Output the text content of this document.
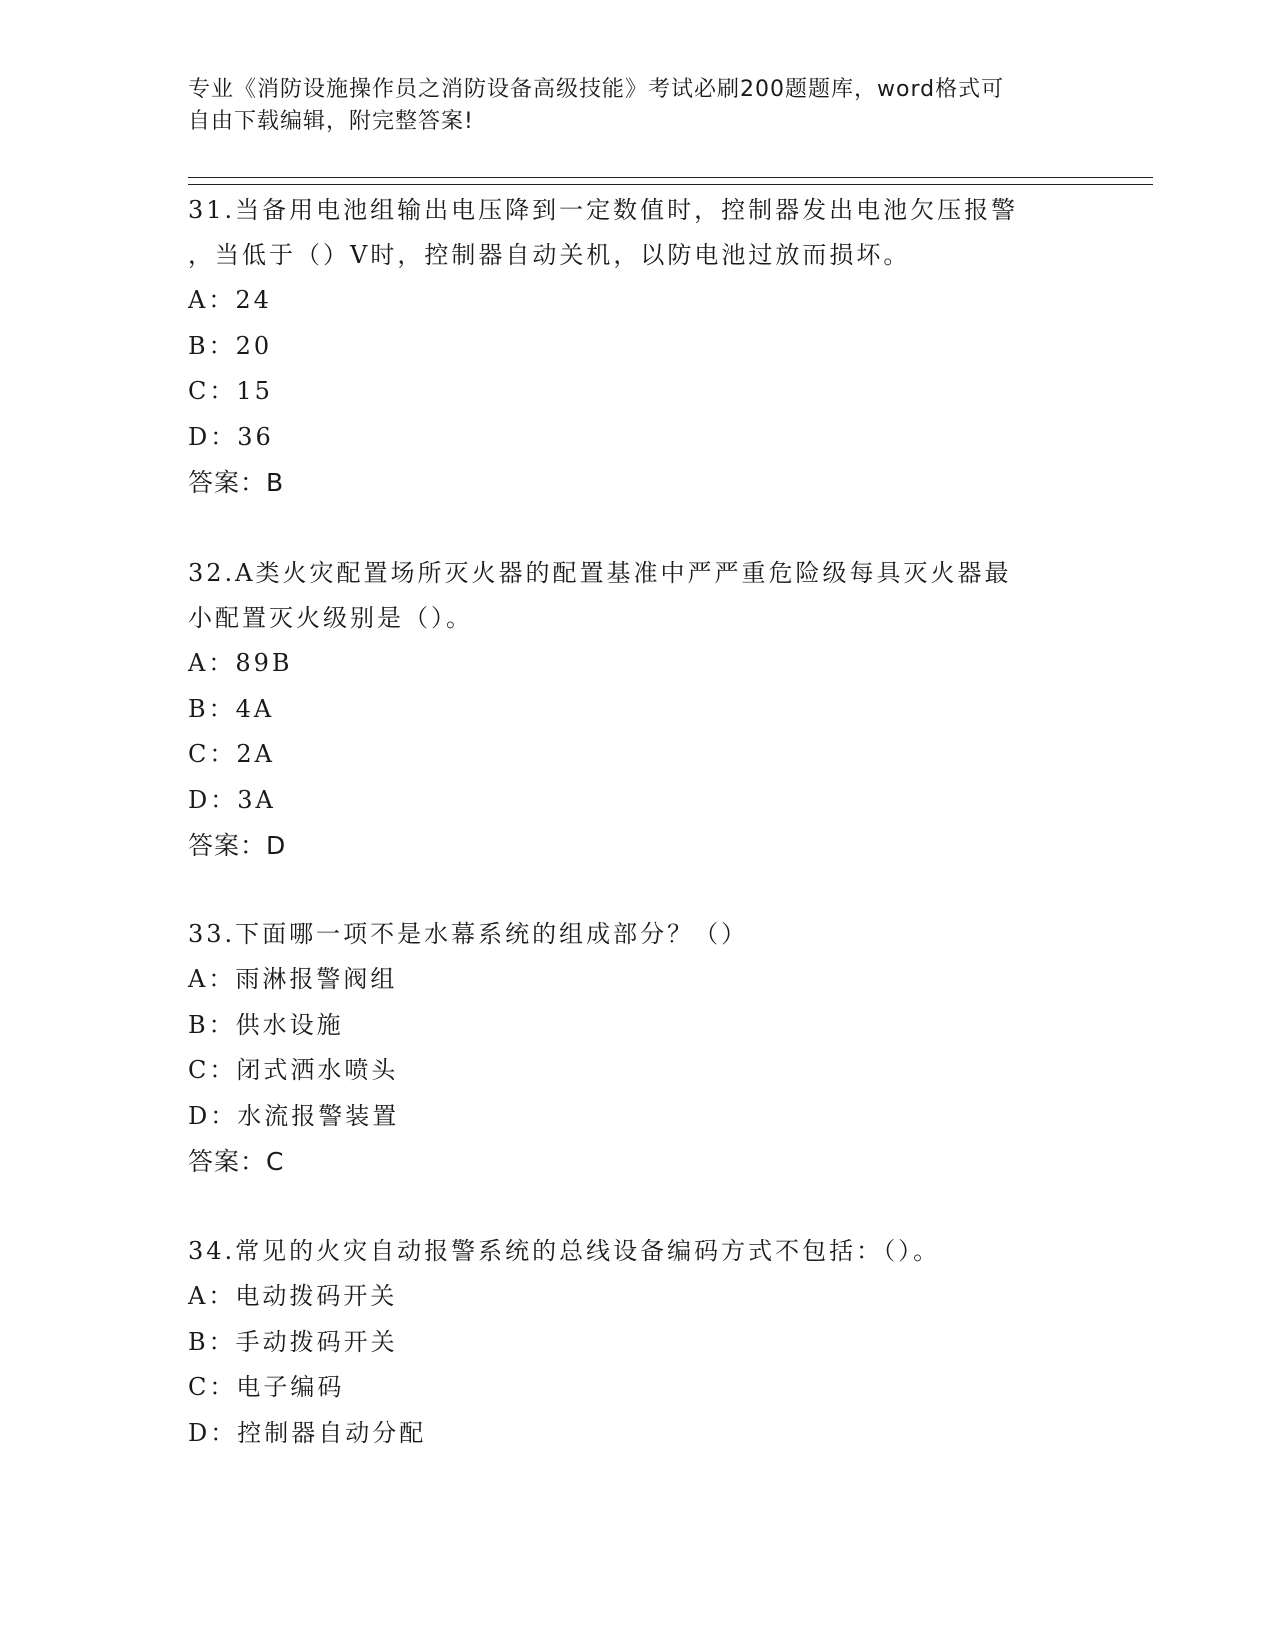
专业《消防设施操作员之消防设备高级技能》考试必刷200题题库，word格式可
自由下载编辑，附完整答案!
31.当备用电池组输出电压降到一定数值时，控制器发出电池欠压报警
，当低于（）V时，控制器自动关机，以防电池过放而损坏。
A：24
B：20
C：15
D：36
答案：B
32.A类火灾配置场所灭火器的配置基准中严严重危险级每具灭火器最
小配置灭火级别是（）。
A：89B
B：4A
C：2A
D：3A
答案：D
33.下面哪一项不是水幕系统的组成部分？（）
A：雨淋报警阀组
B：供水设施
C：闭式洒水喷头
D：水流报警装置
答案：C
34.常见的火灾自动报警系统的总线设备编码方式不包括：（）。
A：电动拨码开关
B：手动拨码开关
C：电子编码
D：控制器自动分配
